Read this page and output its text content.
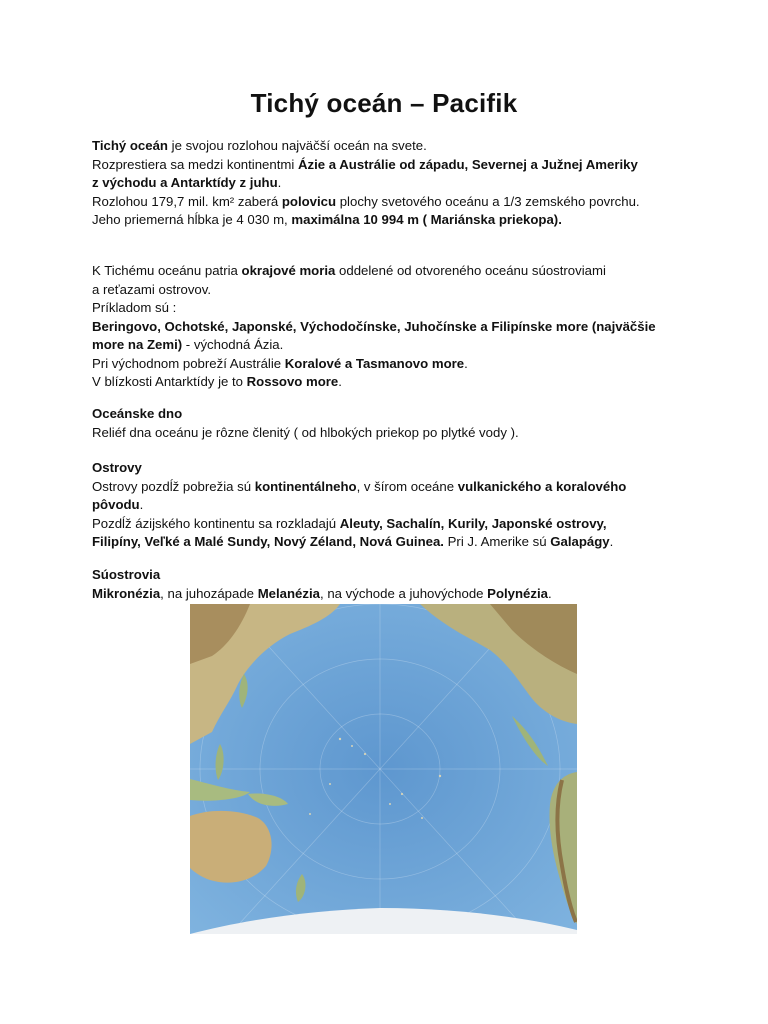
Tichý oceán – Pacifik
Tichý oceán je svojou rozlohou najväčší oceán na svete.
Rozprestiera sa medzi kontinentmi Ázie a Austrálie od západu, Severnej a Južnej Ameriky
z východu a Antarktídy z juhu.
Rozlohou 179,7 mil. km² zaberá polovicu plochy svetového oceánu a 1/3 zemského povrchu.
Jeho priemerná hĺbka je 4 030 m, maximálna 10 994 m ( Mariánska priekopa).
K Tichému oceánu patria okrajové moria oddelené od otvoreného oceánu súostroviami
a reťazami ostrovov.
Príkladom sú :
Beringovo, Ochotské, Japonské, Východočínske, Juhočínske a Filipínske more (najväčšie
more na Zemi) - východná Ázia.
Pri východnom pobreží Austrálie Koralové a Tasmanovo more.
V blízkosti Antarktídy je to Rossovo more.
Oceánske dno
Reliéf dna oceánu je rôzne členitý ( od hlbokých priekop po plytké vody ).
Ostrovy
Ostrovy pozdĺž pobrežia sú kontinentálneho, v šírom oceáne vulkanického a koralového
pôvodu.
Pozdĺž ázijského kontinentu sa rozkladajú Aleuty, Sachalín, Kurily, Japonské ostrovy,
Filipíny, Veľké a Malé Sundy, Nový Zéland, Nová Guinea. Pri J. Amerike sú Galapágy.
Súostrovia
Mikronézia, na juhozápade Melanézia, na východe a juhovýchode Polynézia.
